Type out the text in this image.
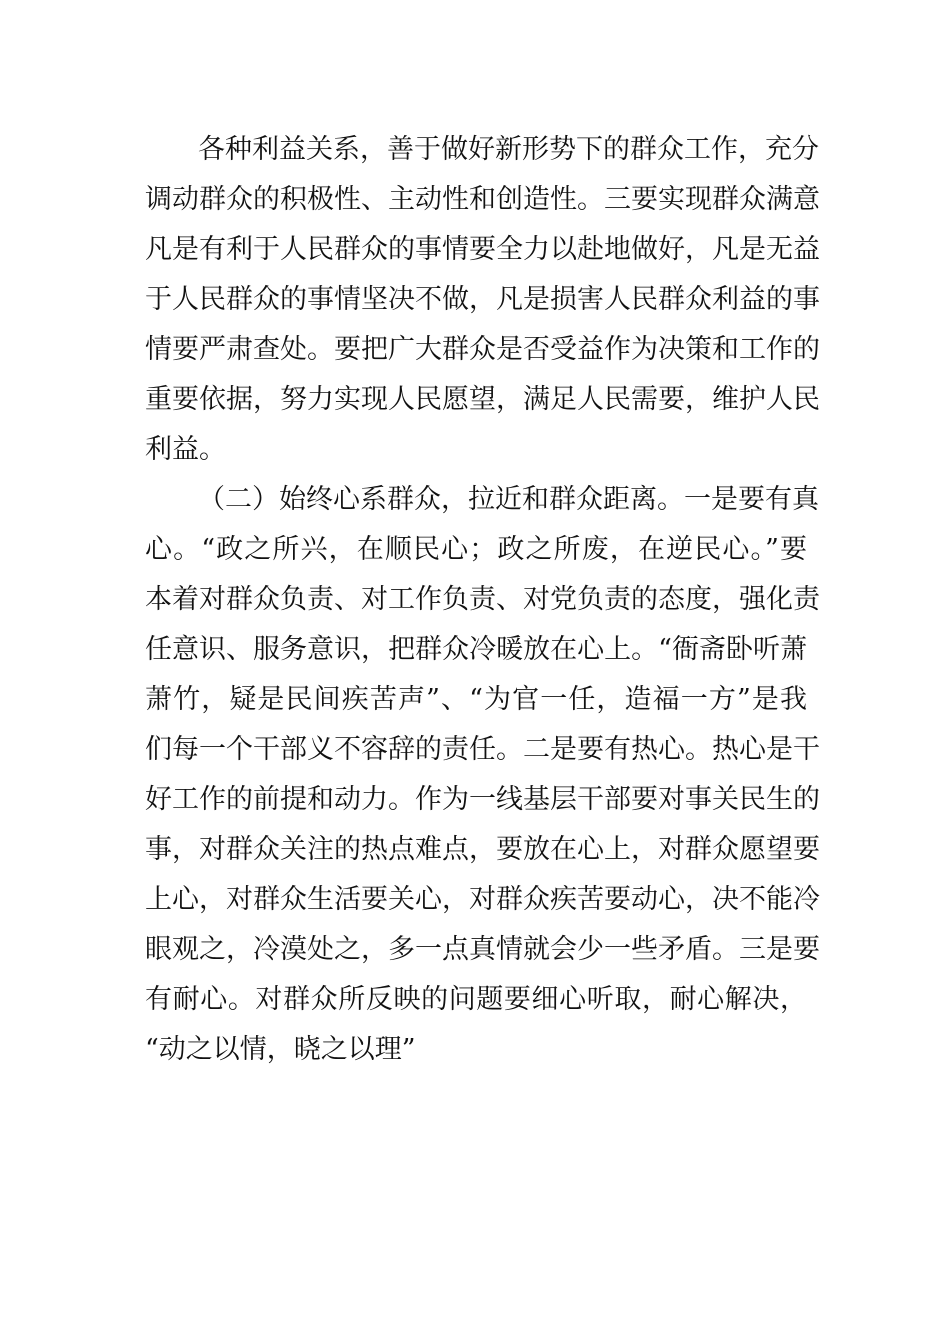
各种利益关系，善于做好新形势下的群众工作，充分
调动群众的积极性、主动性和创造性。三要实现群众满意
凡是有利于人民群众的事情要全力以赴地做好，凡是无益
于人民群众的事情坚决不做，凡是损害人民群众利益的事
情要严肃查处。要把广大群众是否受益作为决策和工作的
重要依据，努力实现人民愿望，满足人民需要，维护人民
利益。
（二）始终心系群众，拉近和群众距离。一是要有真
心。“政之所兴，在顺民心；政之所废，在逆民心。”要
本着对群众负责、对工作负责、对党负责的态度，强化责
任意识、服务意识，把群众冷暖放在心上。“衙斋卧听萧
萧竹，疑是民间疾苦声”、“为官一任，造福一方”是我
们每一个干部义不容辞的责任。二是要有热心。热心是干
好工作的前提和动力。作为一线基层干部要对事关民生的
事，对群众关注的热点难点，要放在心上，对群众愿望要
上心，对群众生活要关心，对群众疾苦要动心，决不能冷
眼观之，冷漠处之，多一点真情就会少一些矛盾。三是要
有耐心。对群众所反映的问题要细心听取，耐心解决，
“动之以情，晓之以理”
